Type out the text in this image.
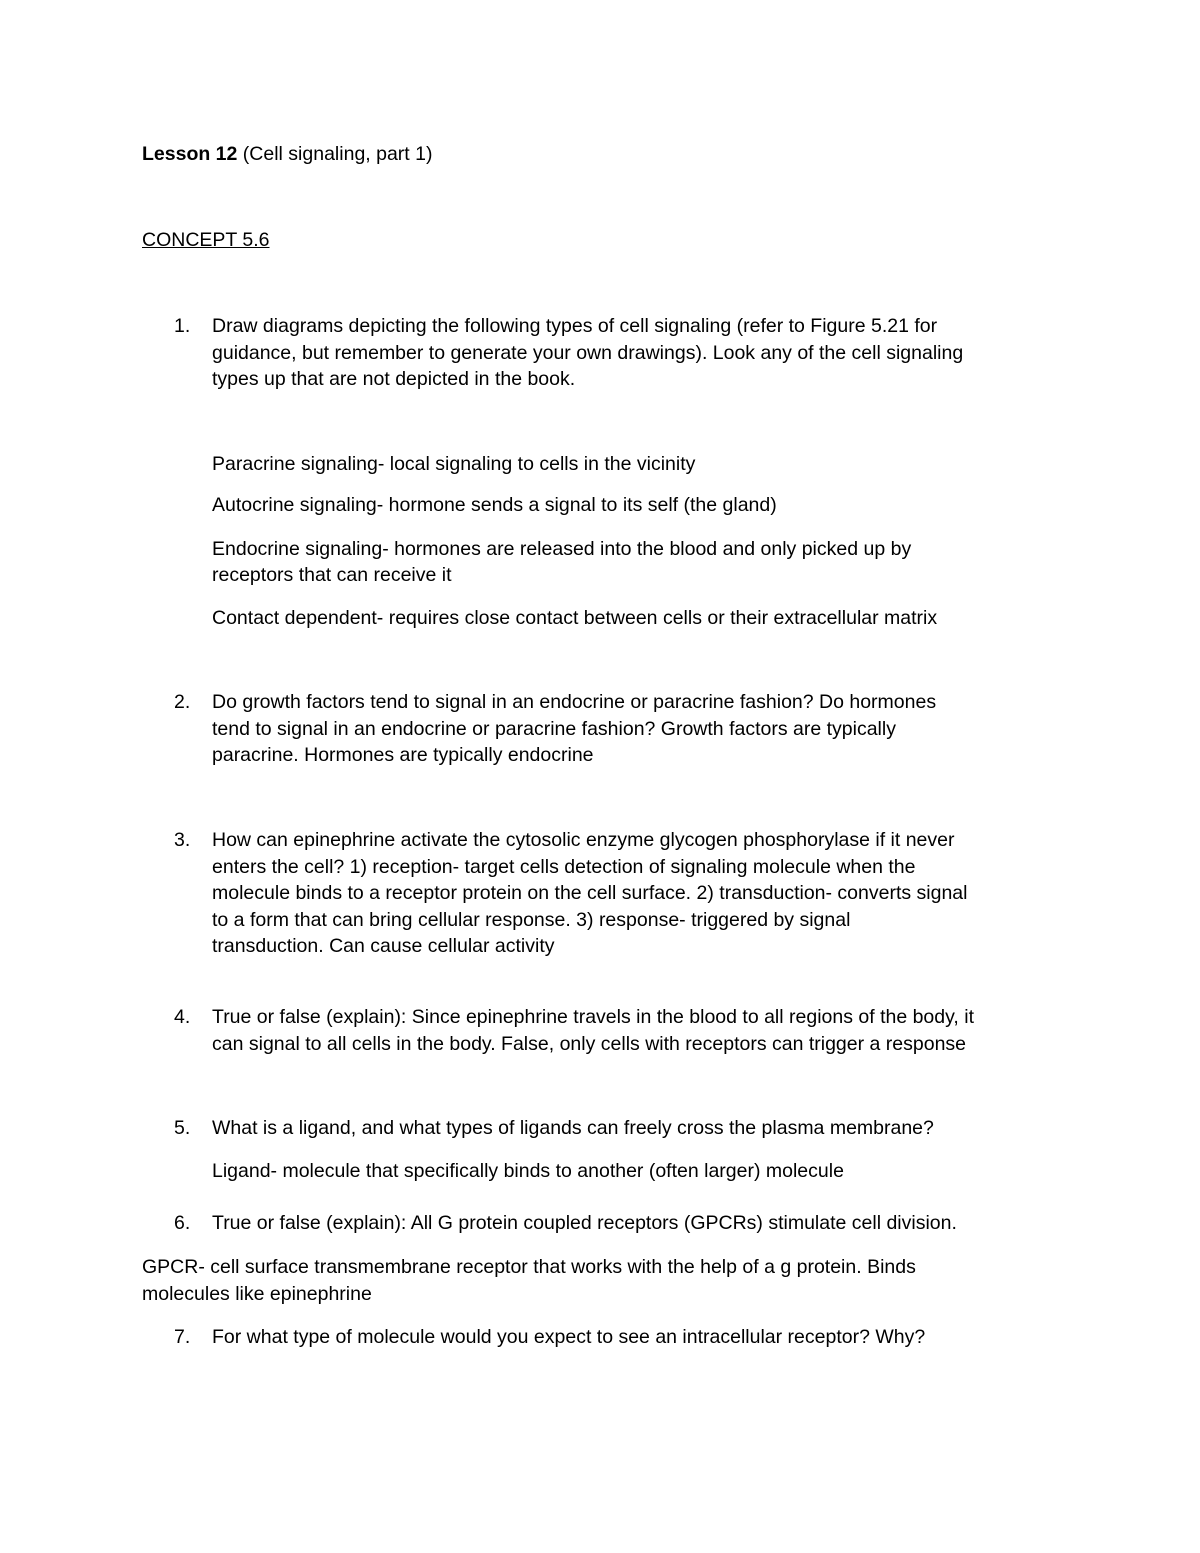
Lesson 12 (Cell signaling, part 1)
CONCEPT 5.6
1. Draw diagrams depicting the following types of cell signaling (refer to Figure 5.21 for
guidance, but remember to generate your own drawings). Look any of the cell signaling
types up that are not depicted in the book.
Paracrine signaling- local signaling to cells in the vicinity
Autocrine signaling- hormone sends a signal to its self (the gland)
Endocrine signaling- hormones are released into the blood and only picked up by
receptors that can receive it
Contact dependent- requires close contact between cells or their extracellular matrix
2. Do growth factors tend to signal in an endocrine or paracrine fashion? Do hormones
tend to signal in an endocrine or paracrine fashion? Growth factors are typically
paracrine. Hormones are typically endocrine
3. How can epinephrine activate the cytosolic enzyme glycogen phosphorylase if it never
enters the cell? 1) reception- target cells detection of signaling molecule when the
molecule binds to a receptor protein on the cell surface. 2) transduction- converts signal
to a form that can bring cellular response. 3) response- triggered by signal
transduction. Can cause cellular activity
4. True or false (explain): Since epinephrine travels in the blood to all regions of the body, it
can signal to all cells in the body. False, only cells with receptors can trigger a response
5. What is a ligand, and what types of ligands can freely cross the plasma membrane?
Ligand- molecule that specifically binds to another (often larger) molecule
6. True or false (explain): All G protein coupled receptors (GPCRs) stimulate cell division.
GPCR- cell surface transmembrane receptor that works with the help of a g protein. Binds
molecules like epinephrine
7. For what type of molecule would you expect to see an intracellular receptor? Why?
